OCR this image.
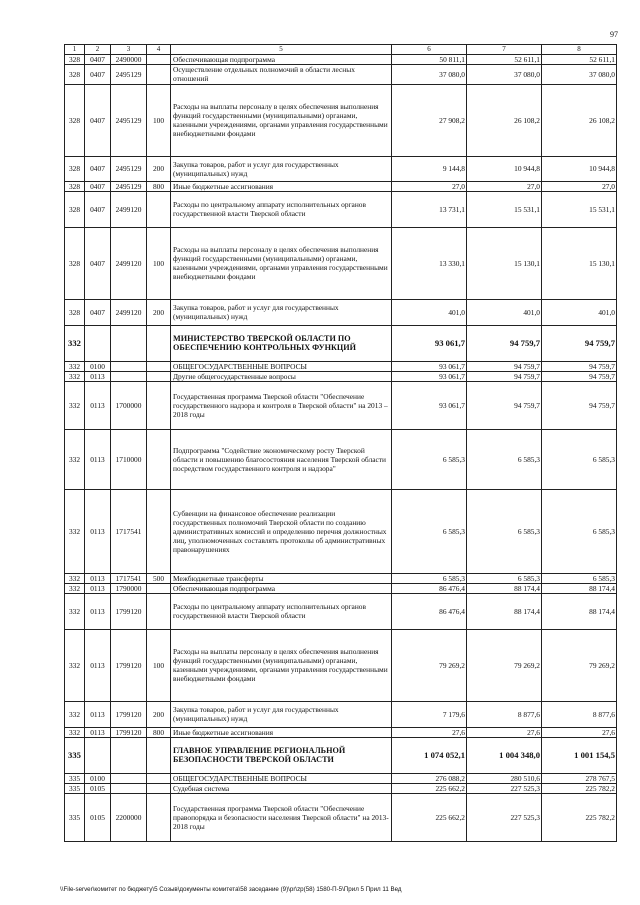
97
1	2	3	4	5	6	7	8
328	0407	2490000		Обеспечивающая подпрограмма	50 811,1	52 611,1	52 611,1
328	0407	2495129		Осуществление отдельных полномочий в области лесных отношений	37 080,0	37 080,0	37 080,0
328	0407	2495129	100	Расходы на выплаты персоналу в целях обеспечения выполнения функций государственными (муниципальными) органами, казенными учреждениями, органами управления государственными внебюджетными фондами	27 908,2	26 108,2	26 108,2
328	0407	2495129	200	Закупка товаров, работ и услуг для государственных (муниципальных) нужд	9 144,8	10 944,8	10 944,8
328	0407	2495129	800	Иные бюджетные ассигнования	27,0	27,0	27,0
328	0407	2499120		Расходы по центральному аппарату исполнительных органов государственной власти Тверской области	13 731,1	15 531,1	15 531,1
328	0407	2499120	100	Расходы на выплаты персоналу в целях обеспечения выполнения функций государственными (муниципальными) органами, казенными учреждениями, органами управления государственными внебюджетными фондами	13 330,1	15 130,1	15 130,1
328	0407	2499120	200	Закупка товаров, работ и услуг для государственных (муниципальных) нужд	401,0	401,0	401,0
332				МИНИСТЕРСТВО ТВЕРСКОЙ ОБЛАСТИ ПО ОБЕСПЕЧЕНИЮ КОНТРОЛЬНЫХ ФУНКЦИЙ	93 061,7	94 759,7	94 759,7
332	0100			ОБЩЕГОСУДАРСТВЕННЫЕ ВОПРОСЫ	93 061,7	94 759,7	94 759,7
332	0113			Другие общегосударственные вопросы	93 061,7	94 759,7	94 759,7
332	0113	1700000		Государственная программа Тверской области "Обеспечение государственного надзора и контроля в Тверской области" на 2013 – 2018 годы	93 061,7	94 759,7	94 759,7
332	0113	1710000		Подпрограмма "Содействие экономическому росту Тверской области и повышению благосостояния населения Тверской области посредством государственного контроля и надзора"	6 585,3	6 585,3	6 585,3
332	0113	1717541		Субвенции на финансовое обеспечение реализации государственных полномочий Тверской области по созданию административных комиссий и определению перечня должностных лиц, уполномоченных составлять протоколы об административных правонарушениях	6 585,3	6 585,3	6 585,3
332	0113	1717541	500	Межбюджетные трансферты	6 585,3	6 585,3	6 585,3
332	0113	1790000		Обеспечивающая подпрограмма	86 476,4	88 174,4	88 174,4
332	0113	1799120		Расходы по центральному аппарату исполнительных органов государственной власти Тверской области	86 476,4	88 174,4	88 174,4
332	0113	1799120	100	Расходы на выплаты персоналу в целях обеспечения выполнения функций государственными (муниципальными) органами, казенными учреждениями, органами управления государственными внебюджетными фондами	79 269,2	79 269,2	79 269,2
332	0113	1799120	200	Закупка товаров, работ и услуг для государственных (муниципальных) нужд	7 179,6	8 877,6	8 877,6
332	0113	1799120	800	Иные бюджетные ассигнования	27,6	27,6	27,6
335				ГЛАВНОЕ УПРАВЛЕНИЕ РЕГИОНАЛЬНОЙ БЕЗОПАСНОСТИ ТВЕРСКОЙ ОБЛАСТИ	1 074 052,1	1 004 348,0	1 001 154,5
335	0100			ОБЩЕГОСУДАРСТВЕННЫЕ ВОПРОСЫ	276 088,2	280 510,6	278 767,5
335	0105			Судебная система	225 662,2	227 525,3	225 782,2
335	0105	2200000		Государственная программа Тверской области "Обеспечение правопорядка и безопасности населения Тверской области" на 2013-2018 годы	225 662,2	227 525,3	225 782,2
\\File-server\комитет по бюджету\5 Созыв\документы комитета\58 заседание (9)\pr\zp(58) 1580-П-5\Прил 5 Прил 11 Вед
